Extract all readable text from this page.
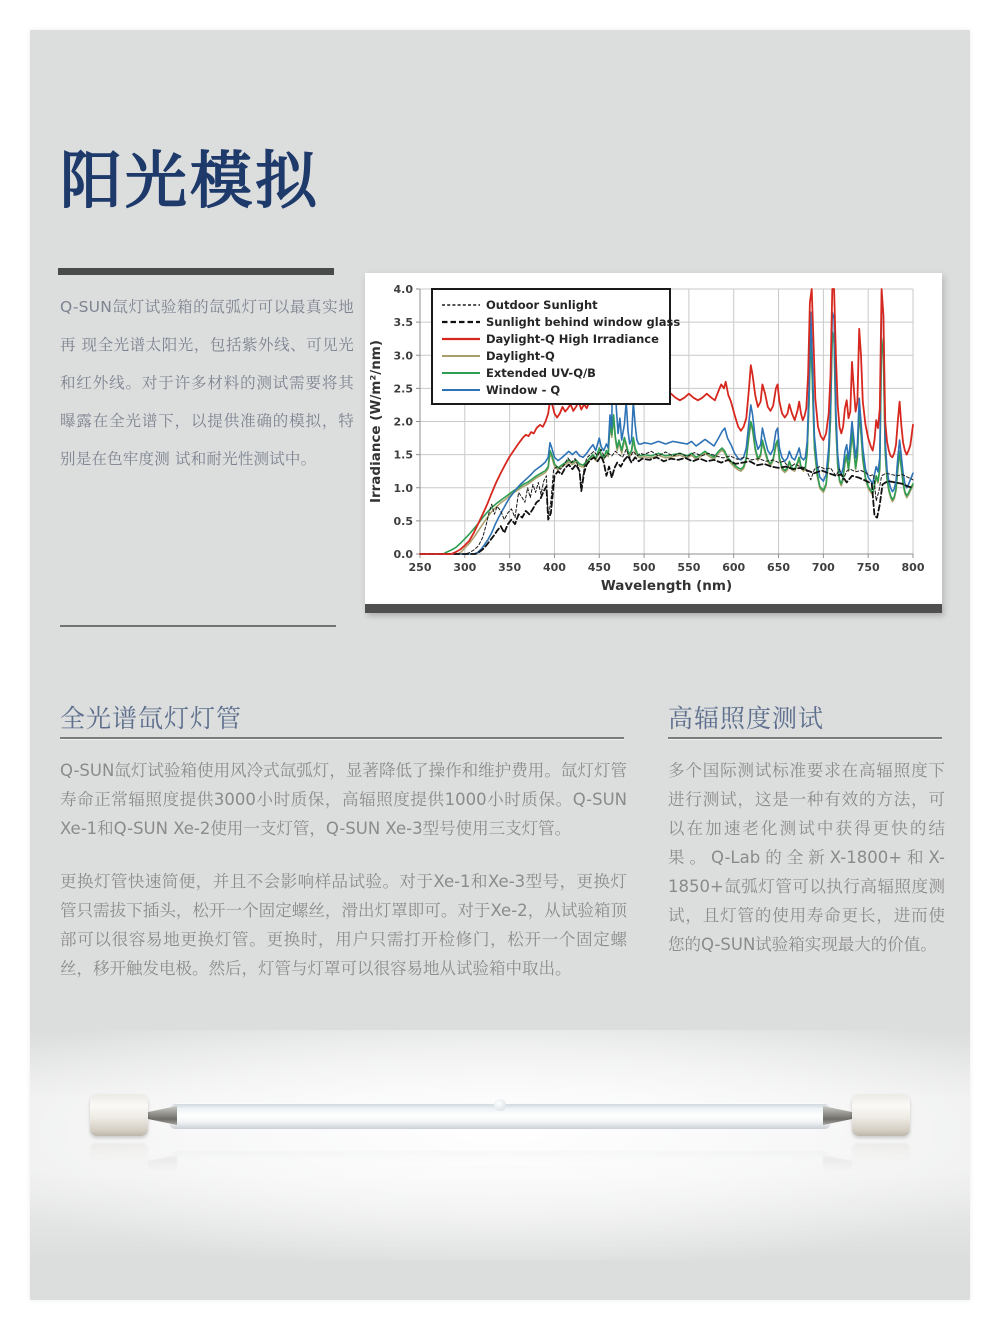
阳光模拟
Q-SUN氙灯试验箱的氙弧灯可以最真实地再 现全光谱太阳光，包括紫外线、可见光和红外线。对于许多材料的测试需要将其曝露在全光谱下，以提供准确的模拟，特别是在色牢度测 试和耐光性测试中。
250 300 350 400 450 500 550 600 650 700 750 800
0.0
0.5
1.0
1.5
2.0
2.5
3.0
3.5
4.0
Wavelength (nm)
Irradiance (W/m²/nm)
Outdoor Sunlight
Sunlight behind window glass
Daylight-Q High Irradiance
Daylight-Q
Extended UV-Q/B
Window - Q
全光谱氙灯灯管	高辐照度测试

Q-SUN氙灯试验箱使用风冷式氙弧灯，显著降低了操作和维护费用。氙灯灯管寿命正常辐照度提供3000小时质保，高辐照度提供1000小时质保。Q-SUN Xe-1和Q-SUN Xe-2使用一支灯管，Q-SUN Xe-3型号使用三支灯管。

更换灯管快速简便，并且不会影响样品试验。对于Xe-1和Xe-3型号，更换灯管只需拔下插头，松开一个固定螺丝，滑出灯罩即可。对于Xe-2，从试验箱顶部可以很容易地更换灯管。更换时，用户只需打开检修门，松开一个固定螺丝，移开触发电极。然后，灯管与灯罩可以很容易地从试验箱中取出。

多个国际测试标准要求在高辐照度下进行测试，这是一种有效的方法，可以在加速老化测试中获得更快的结果。Q-Lab的全新X-1800+和X-1850+氙弧灯管可以执行高辐照度测试，且灯管的使用寿命更长，进而使您的Q-SUN试验箱实现最大的价值。
